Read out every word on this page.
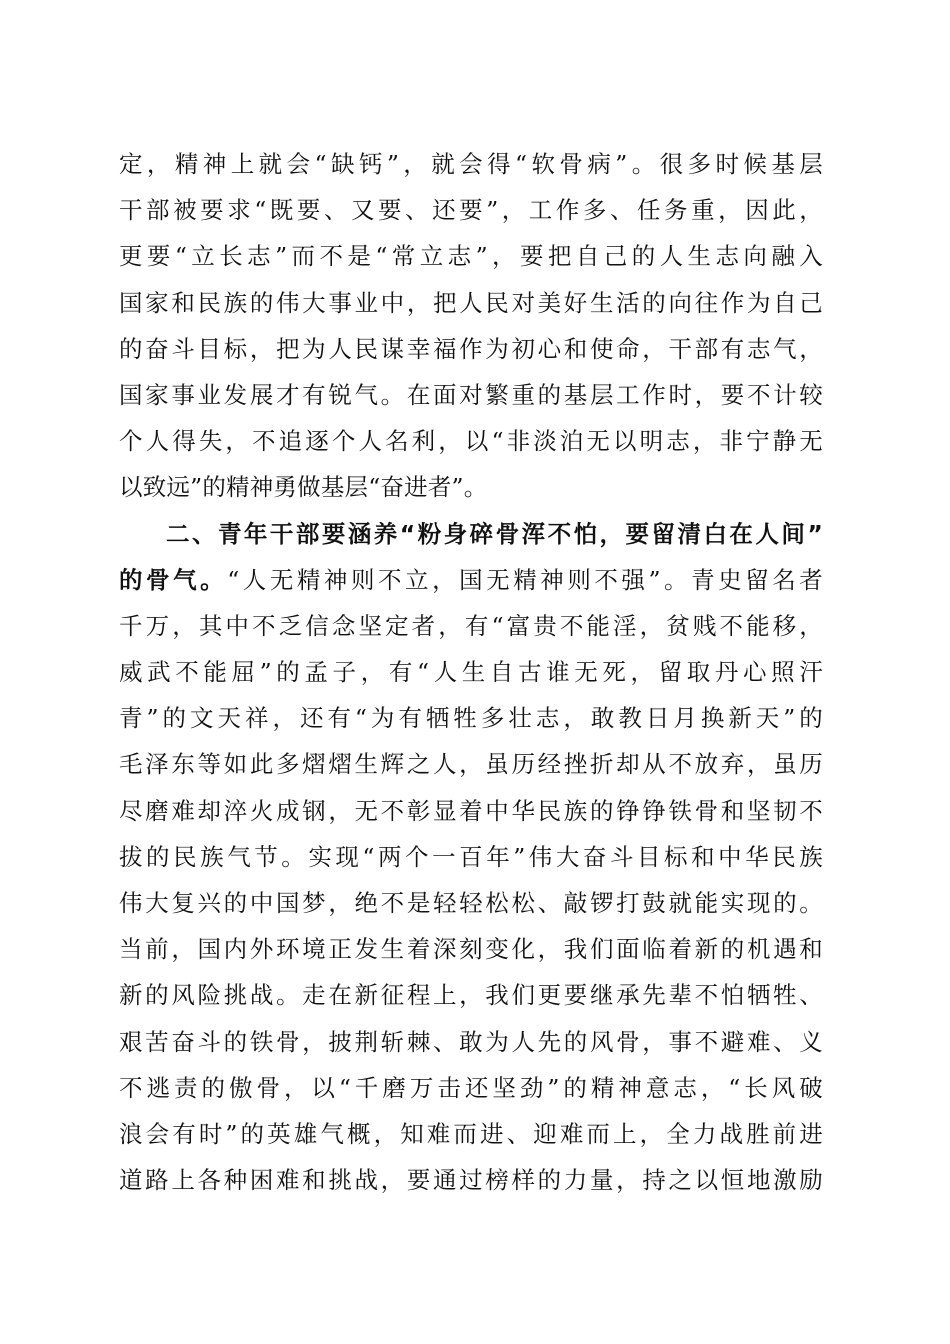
定，精神上就会“缺钙”，就会得“软骨病”。很多时候基层
干部被要求“既要、又要、还要”，工作多、任务重，因此，
更要“立长志”而不是“常立志”，要把自己的人生志向融入
国家和民族的伟大事业中，把人民对美好生活的向往作为自己
的奋斗目标，把为人民谋幸福作为初心和使命，干部有志气，
国家事业发展才有锐气。在面对繁重的基层工作时，要不计较
个人得失，不追逐个人名利，以“非淡泊无以明志，非宁静无
以致远”的精神勇做基层“奋进者”。
二、青年干部要涵养“粉身碎骨浑不怕，要留清白在人间”
的骨气。“人无精神则不立，国无精神则不强”。青史留名者
千万，其中不乏信念坚定者，有“富贵不能淫，贫贱不能移，
威武不能屈”的孟子，有“人生自古谁无死，留取丹心照汗
青”的文天祥，还有“为有牺牲多壮志，敢教日月换新天”的
毛泽东等如此多熠熠生辉之人，虽历经挫折却从不放弃，虽历
尽磨难却淬火成钢，无不彰显着中华民族的铮铮铁骨和坚韧不
拔的民族气节。实现“两个一百年”伟大奋斗目标和中华民族
伟大复兴的中国梦，绝不是轻轻松松、敲锣打鼓就能实现的。
当前，国内外环境正发生着深刻变化，我们面临着新的机遇和
新的风险挑战。走在新征程上，我们更要继承先辈不怕牺牲、
艰苦奋斗的铁骨，披荆斩棘、敢为人先的风骨，事不避难、义
不逃责的傲骨，以“千磨万击还坚劲”的精神意志，“长风破
浪会有时”的英雄气概，知难而进、迎难而上，全力战胜前进
道路上各种困难和挑战，要通过榜样的力量，持之以恒地激励
